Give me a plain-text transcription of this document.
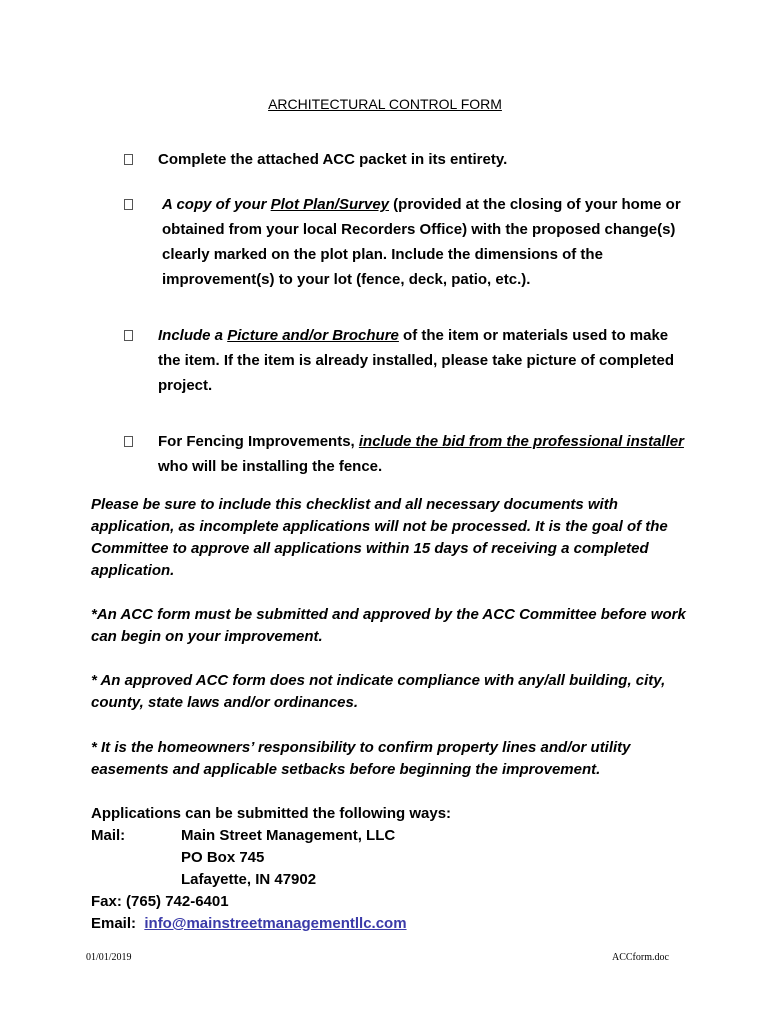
ARCHITECTURAL CONTROL FORM
Complete the attached ACC packet in its entirety.
A copy of your Plot Plan/Survey (provided at the closing of your home or obtained from your local Recorders Office) with the proposed change(s) clearly marked on the plot plan. Include the dimensions of the improvement(s) to your lot (fence, deck, patio, etc.).
Include a Picture and/or Brochure of the item or materials used to make the item. If the item is already installed, please take picture of completed project.
For Fencing Improvements, include the bid from the professional installer who will be installing the fence.
Please be sure to include this checklist and all necessary documents with application, as incomplete applications will not be processed. It is the goal of the Committee to approve all applications within 15 days of receiving a completed application.
*An ACC form must be submitted and approved by the ACC Committee before work can begin on your improvement.
* An approved ACC form does not indicate compliance with any/all building, city, county, state laws and/or ordinances.
* It is the homeowners’ responsibility to confirm property lines and/or utility easements and applicable setbacks before beginning the improvement.
Applications can be submitted the following ways:
Mail:	Main Street Management, LLC
PO Box 745
Lafayette, IN 47902
Fax: (765) 742-6401
Email: info@mainstreetmanagementllc.com
01/01/2019	ACCform.doc
